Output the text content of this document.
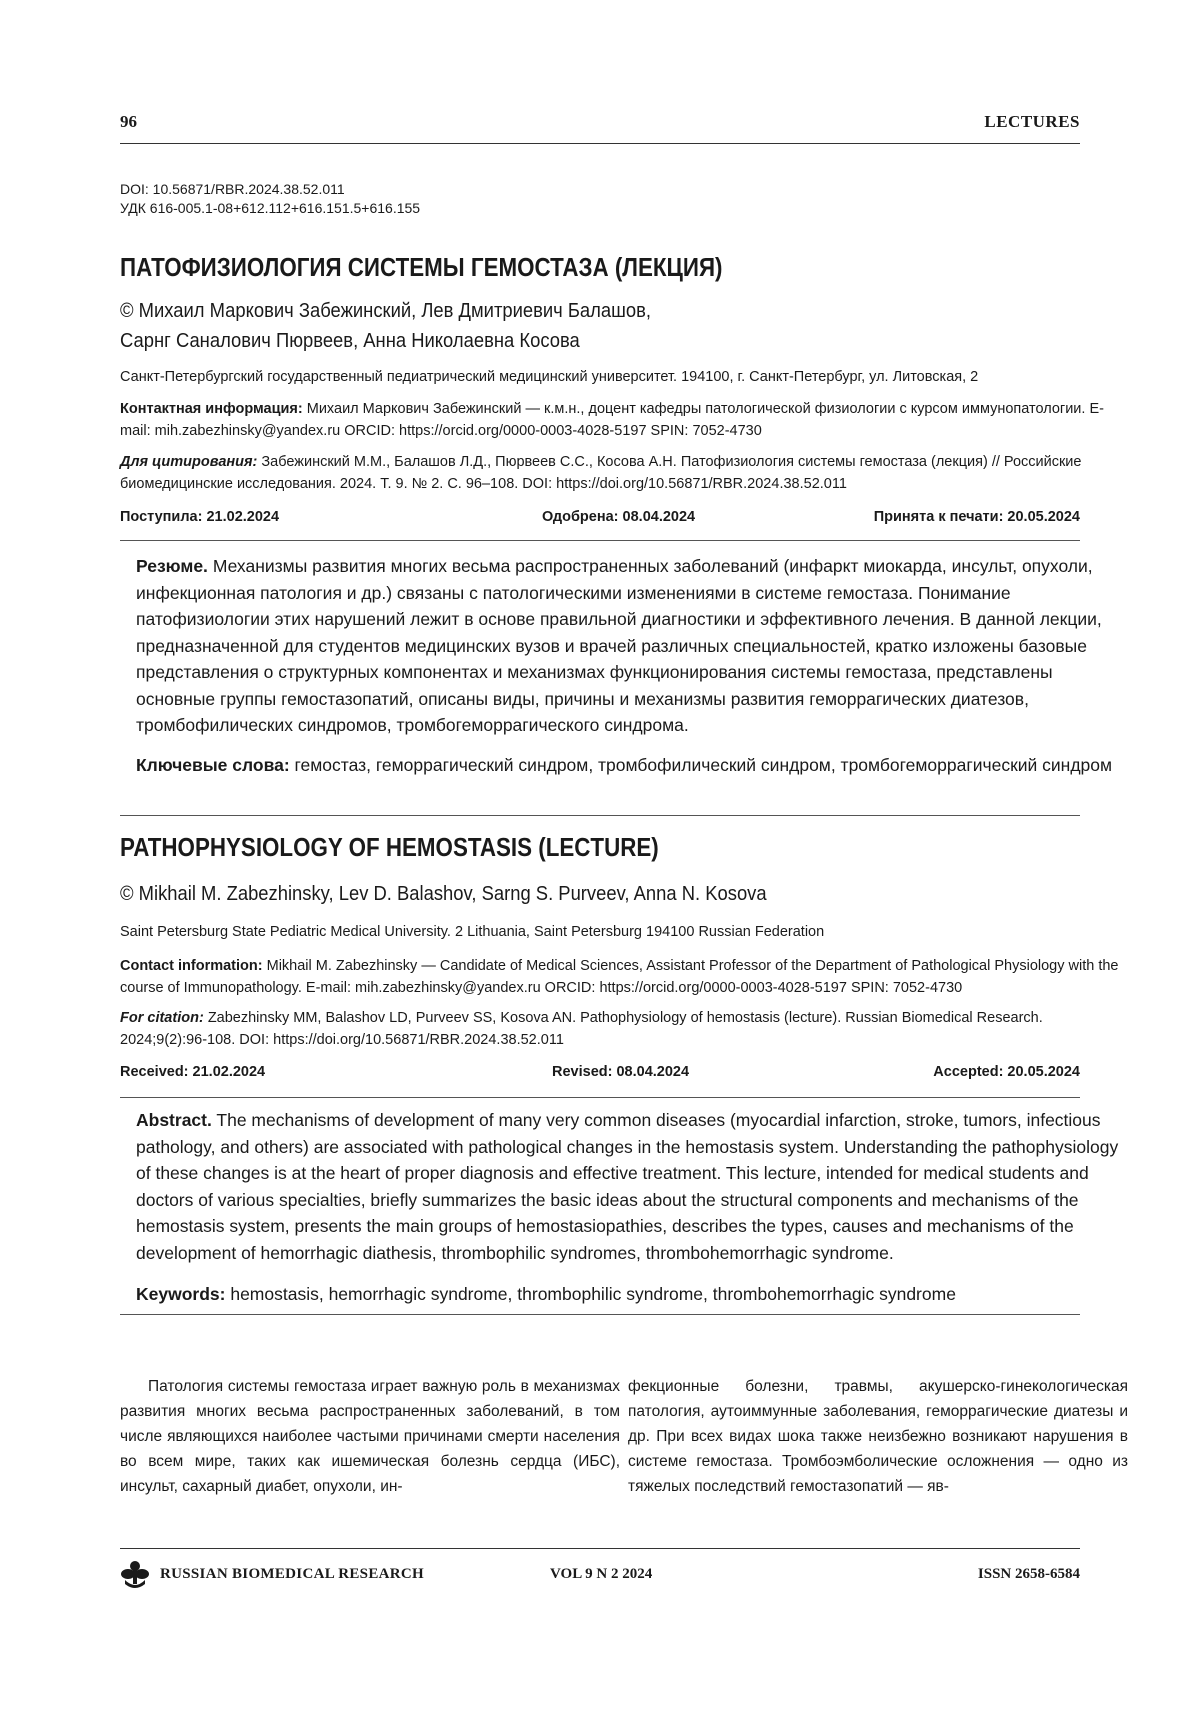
96	LECTURES
DOI: 10.56871/RBR.2024.38.52.011
УДК 616-005.1-08+612.112+616.151.5+616.155
ПАТОФИЗИОЛОГИЯ СИСТЕМЫ ГЕМОСТАЗА (ЛЕКЦИЯ)
© Михаил Маркович Забежинский, Лев Дмитриевич Балашов,
Сарнг Саналович Пюрвеев, Анна Николаевна Косова
Санкт-Петербургский государственный педиатрический медицинский университет. 194100, г. Санкт-Петербург, ул. Литовская, 2
Контактная информация: Михаил Маркович Забежинский — к.м.н., доцент кафедры патологической физиологии с курсом иммунопатологии. E-mail: mih.zabezhinsky@yandex.ru ORCID: https://orcid.org/0000-0003-4028-5197 SPIN: 7052-4730
Для цитирования: Забежинский М.М., Балашов Л.Д., Пюрвеев С.С., Косова А.Н. Патофизиология системы гемостаза (лекция) // Российские биомедицинские исследования. 2024. Т. 9. № 2. С. 96–108. DOI: https://doi.org/10.56871/RBR.2024.38.52.011
Поступила: 21.02.2024	Одобрена: 08.04.2024	Принята к печати: 20.05.2024
Резюме. Механизмы развития многих весьма распространенных заболеваний (инфаркт миокарда, инсульт, опухоли, инфекционная патология и др.) связаны с патологическими изменениями в системе гемостаза. Понимание патофизиологии этих нарушений лежит в основе правильной диагностики и эффективного лечения. В данной лекции, предназначенной для студентов медицинских вузов и врачей различных специальностей, кратко изложены базовые представления о структурных компонентах и механизмах функционирования системы гемостаза, представлены основные группы гемостазопатий, описаны виды, причины и механизмы развития геморрагических диатезов, тромбофилических синдромов, тромбогеморрагического синдрома.
Ключевые слова: гемостаз, геморрагический синдром, тромбофилический синдром, тромбогеморрагический синдром
PATHOPHYSIOLOGY OF HEMOSTASIS (LECTURE)
© Mikhail M. Zabezhinsky, Lev D. Balashov, Sarng S. Purveev, Anna N. Kosova
Saint Petersburg State Pediatric Medical University. 2 Lithuania, Saint Petersburg 194100 Russian Federation
Contact information: Mikhail M. Zabezhinsky — Candidate of Medical Sciences, Assistant Professor of the Department of Pathological Physiology with the course of Immunopathology. E-mail: mih.zabezhinsky@yandex.ru ORCID: https://orcid.org/0000-0003-4028-5197 SPIN: 7052-4730
For citation: Zabezhinsky MM, Balashov LD, Purveev SS, Kosova AN. Pathophysiology of hemostasis (lecture). Russian Biomedical Research. 2024;9(2):96-108. DOI: https://doi.org/10.56871/RBR.2024.38.52.011
Received: 21.02.2024	Revised: 08.04.2024	Accepted: 20.05.2024
Abstract. The mechanisms of development of many very common diseases (myocardial infarction, stroke, tumors, infectious pathology, and others) are associated with pathological changes in the hemostasis system. Understanding the pathophysiology of these changes is at the heart of proper diagnosis and effective treatment. This lecture, intended for medical students and doctors of various specialties, briefly summarizes the basic ideas about the structural components and mechanisms of the hemostasis system, presents the main groups of hemostasiopathies, describes the types, causes and mechanisms of the development of hemorrhagic diathesis, thrombophilic syndromes, thrombohemorrhagic syndrome.
Keywords: hemostasis, hemorrhagic syndrome, thrombophilic syndrome, thrombohemorrhagic syndrome
Патология системы гемостаза играет важную роль в механизмах развития многих весьма распространенных заболеваний, в том числе являющихся наиболее частыми причинами смерти населения во всем мире, таких как ишемическая болезнь сердца (ИБС), инсульт, сахарный диабет, опухоли, ин-
фекционные болезни, травмы, акушерско-гинекологическая патология, аутоиммунные заболевания, геморрагические диатезы и др. При всех видах шока также неизбежно возникают нарушения в системе гемостаза. Тромбоэмболические осложнения — одно из тяжелых последствий гемостазопатий — яв-
RUSSIAN BIOMEDICAL RESEARCH	VOL 9 N 2 2024	ISSN 2658-6584
